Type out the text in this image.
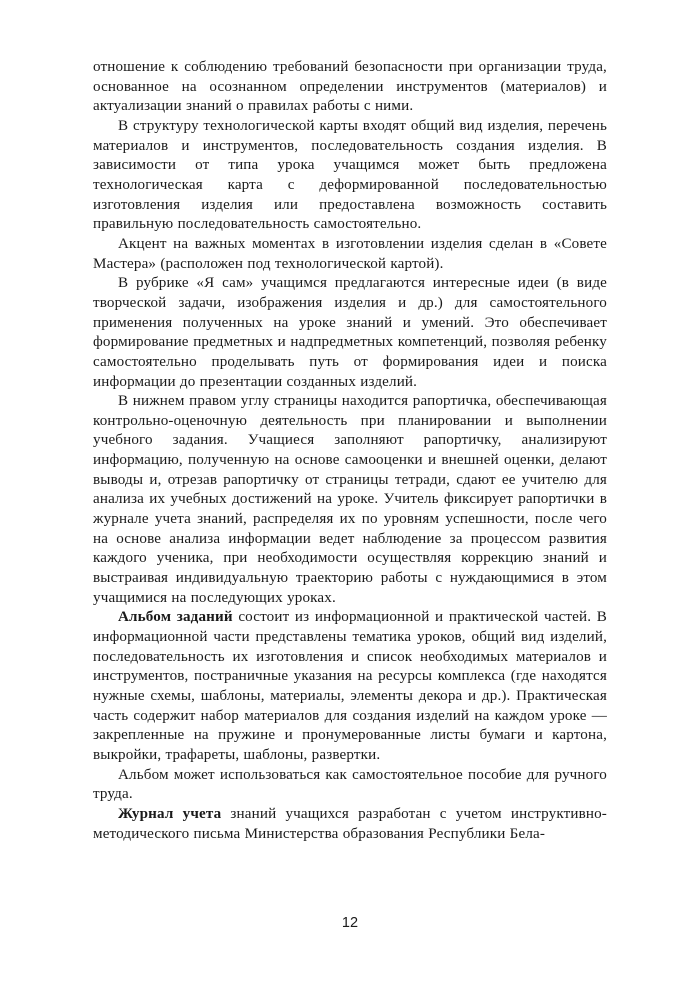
отношение к соблюдению требований безопасности при организации труда, основанное на осознанном определении инструментов (материалов) и актуализации знаний о правилах работы с ними.

В структуру технологической карты входят общий вид изделия, перечень материалов и инструментов, последовательность создания изделия. В зависимости от типа урока учащимся может быть предложена технологическая карта с деформированной последовательностью изготовления изделия или предоставлена возможность составить правильную последовательность самостоятельно.

Акцент на важных моментах в изготовлении изделия сделан в «Совете Мастера» (расположен под технологической картой).

В рубрике «Я сам» учащимся предлагаются интересные идеи (в виде творческой задачи, изображения изделия и др.) для самостоятельного применения полученных на уроке знаний и умений. Это обеспечивает формирование предметных и надпредметных компетенций, позволяя ребенку самостоятельно проделывать путь от формирования идеи и поиска информации до презентации созданных изделий.

В нижнем правом углу страницы находится рапортичка, обеспечивающая контрольно-оценочную деятельность при планировании и выполнении учебного задания. Учащиеся заполняют рапортичку, анализируют информацию, полученную на основе самооценки и внешней оценки, делают выводы и, отрезав рапортичку от страницы тетради, сдают ее учителю для анализа их учебных достижений на уроке. Учитель фиксирует рапортички в журнале учета знаний, распределяя их по уровням успешности, после чего на основе анализа информации ведет наблюдение за процессом развития каждого ученика, при необходимости осуществляя коррекцию знаний и выстраивая индивидуальную траекторию работы с нуждающимися в этом учащимися на последующих уроках.

Альбом заданий состоит из информационной и практической частей. В информационной части представлены тематика уроков, общий вид изделий, последовательность их изготовления и список необходимых материалов и инструментов, постраничные указания на ресурсы комплекса (где находятся нужные схемы, шаблоны, материалы, элементы декора и др.). Практическая часть содержит набор материалов для создания изделий на каждом уроке — закрепленные на пружине и пронумерованные листы бумаги и картона, выкройки, трафареты, шаблоны, развертки.

Альбом может использоваться как самостоятельное пособие для ручного труда.

Журнал учета знаний учащихся разработан с учетом инструктивно-методического письма Министерства образования Республики Бела-

12
